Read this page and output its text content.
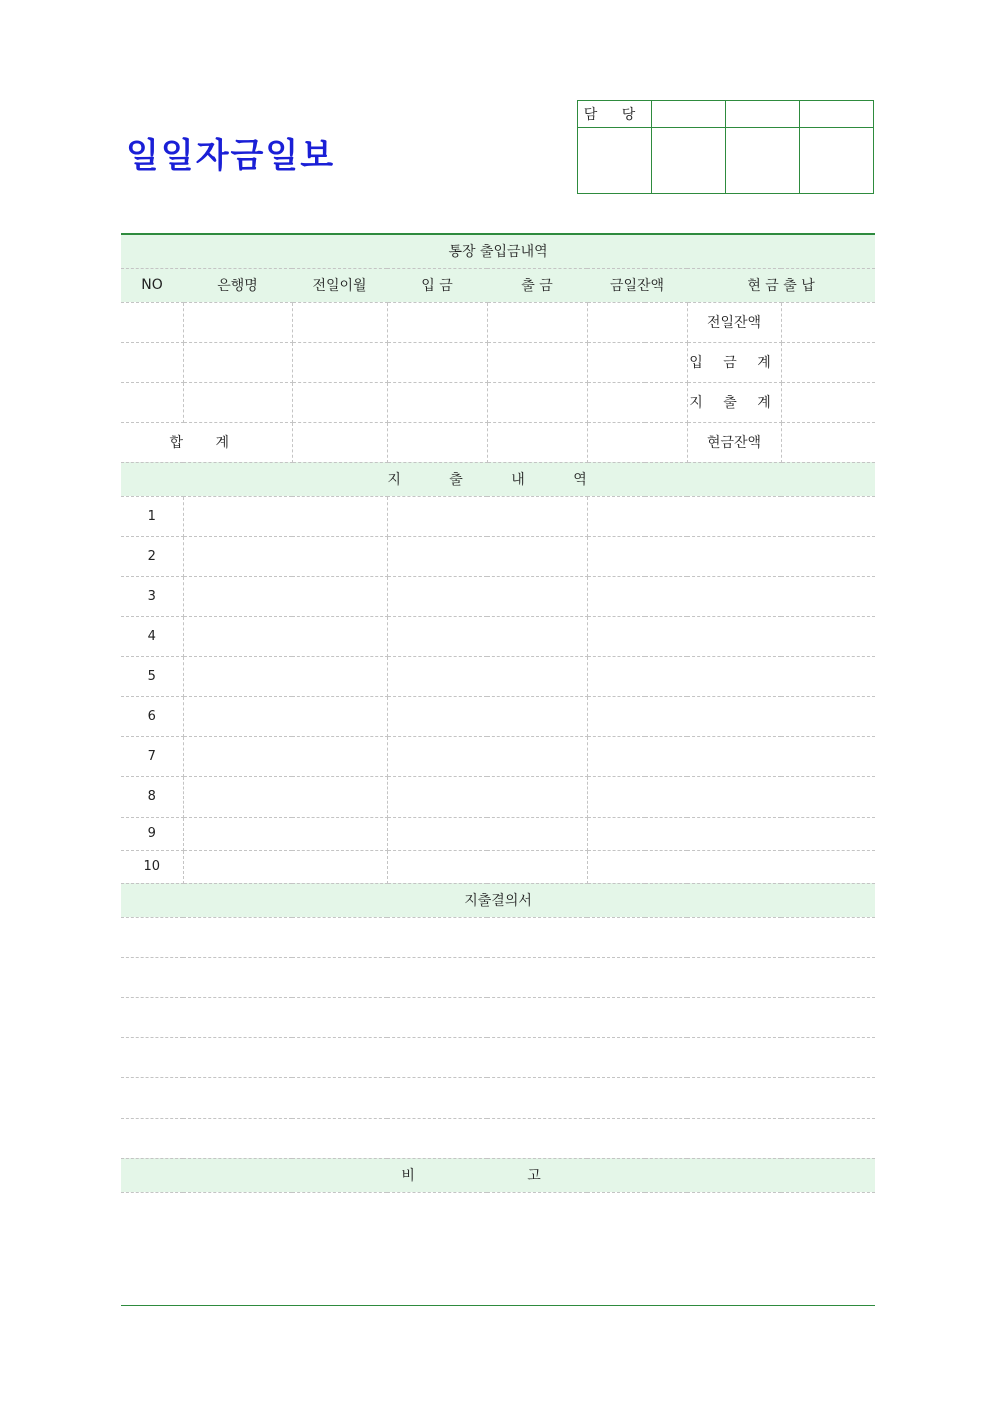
일일자금일보
담 당			

통장 출입금내역							
NO	은행명	전일이월	입 금	출 금	금일잔액	현 금 출 납	
						전일잔액	
						입 금 계	
						지 출 계	
합 계						현금잔액	
지 출 내 역							
1							
2							
3							
4							
5							
6							
7							
8							
9							
10							
지출결의서							

비 고							
